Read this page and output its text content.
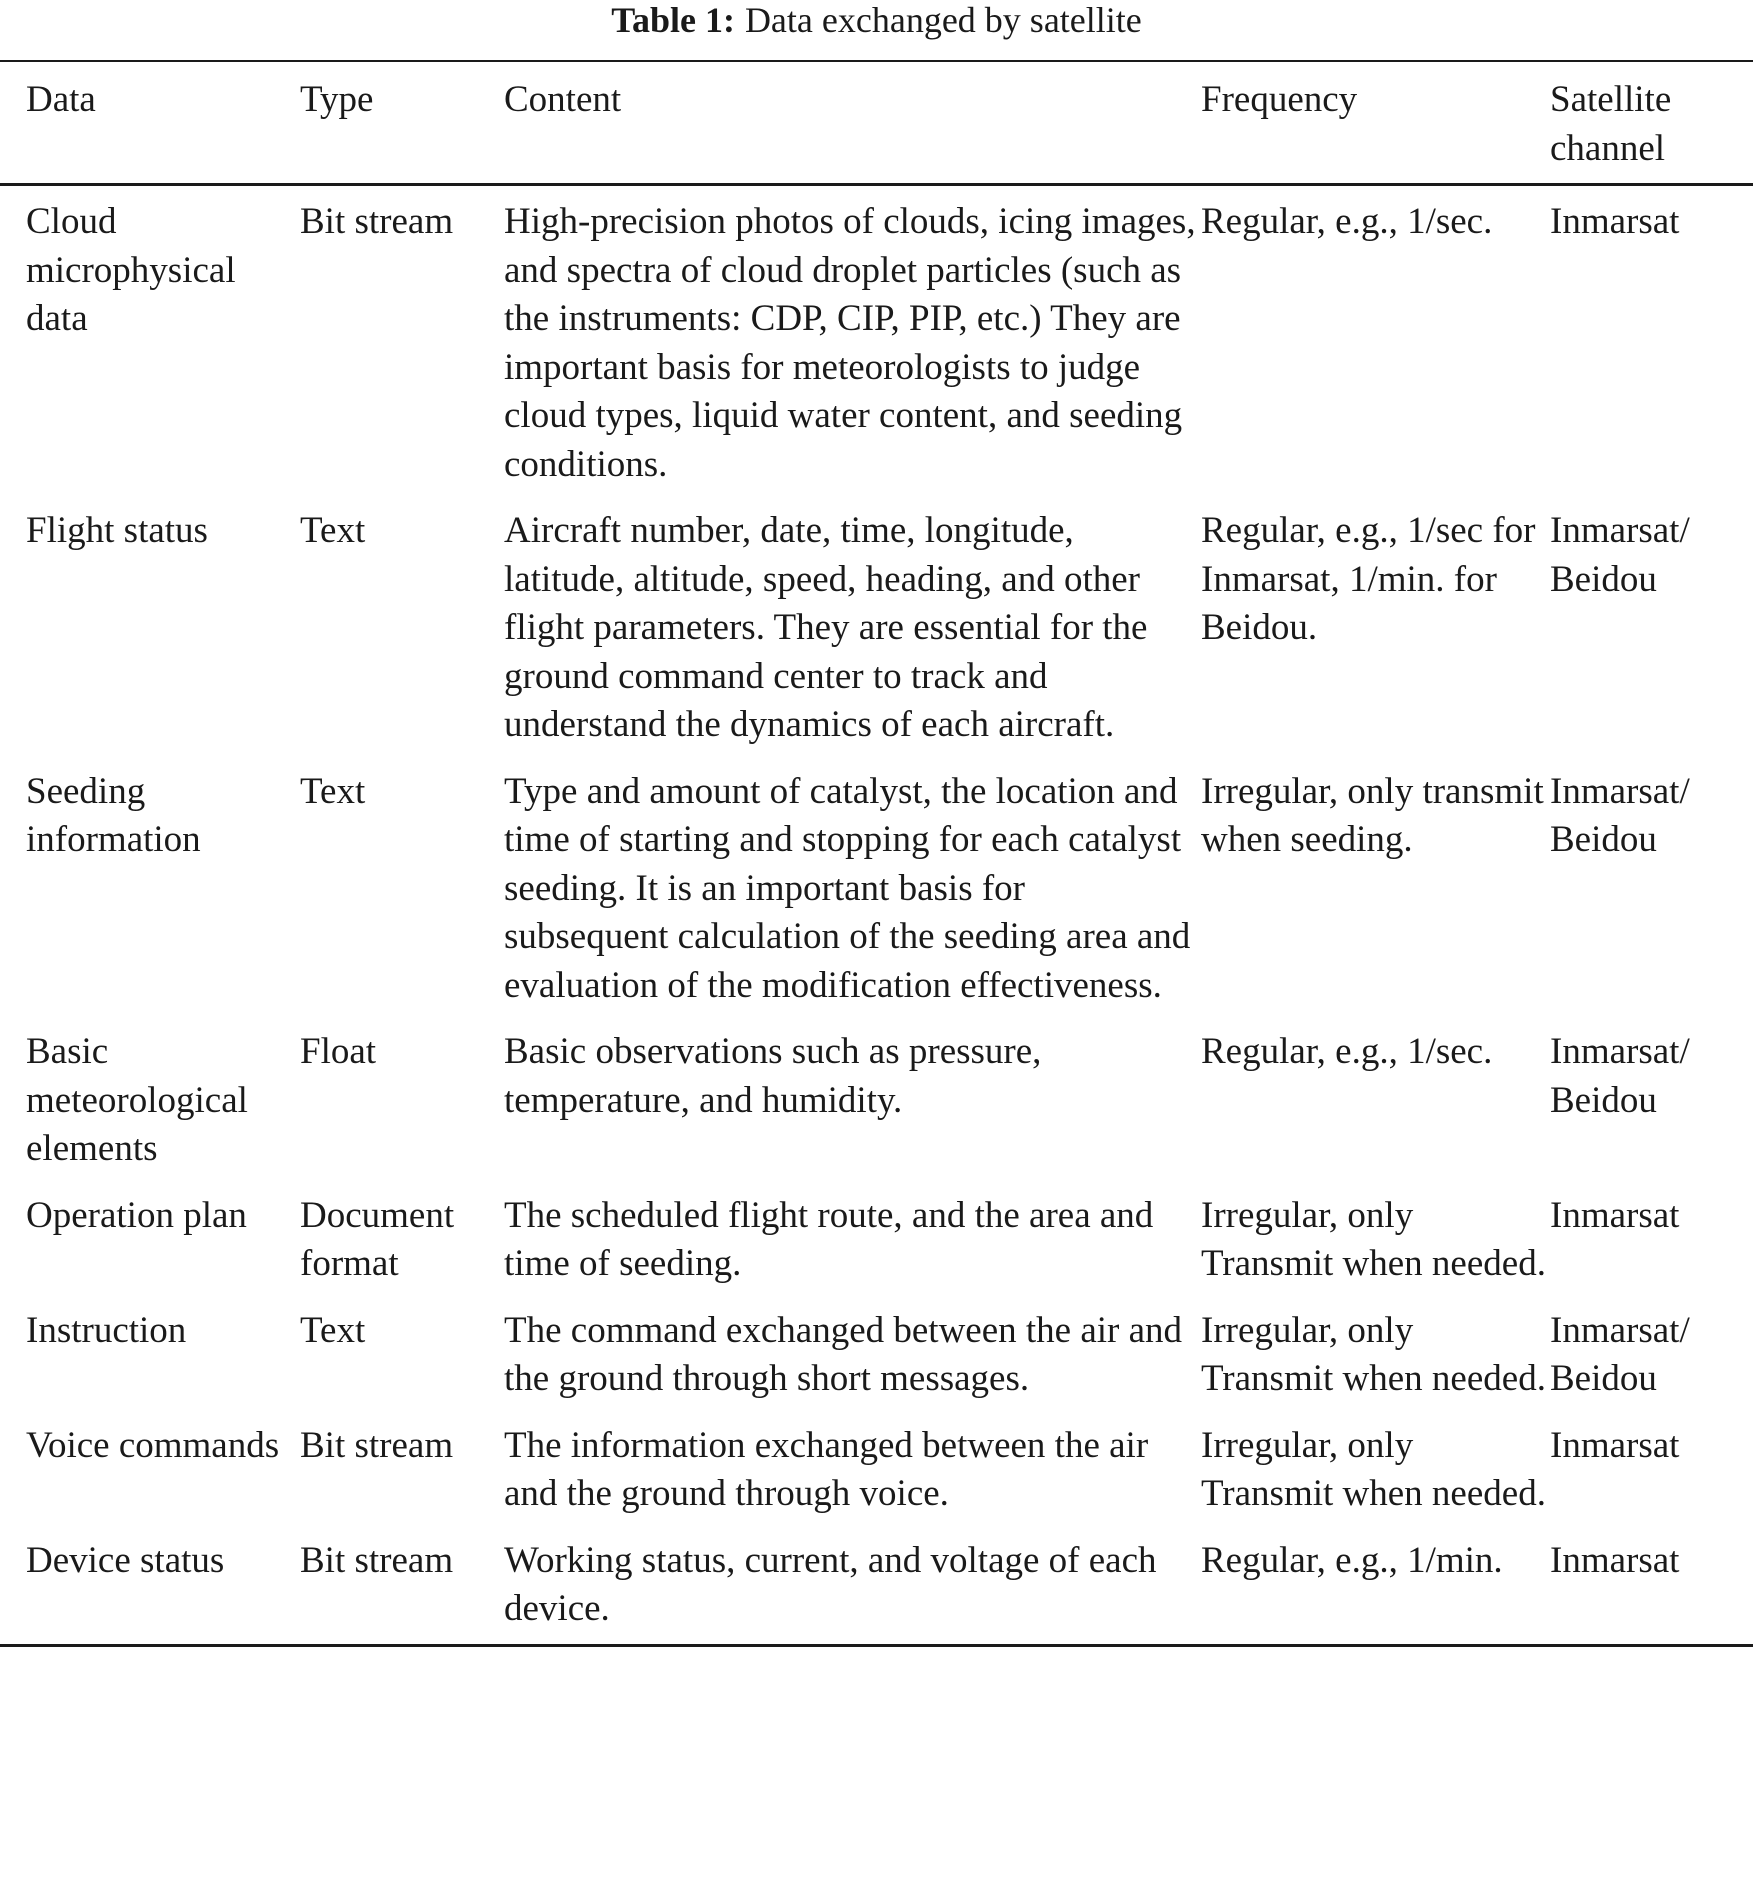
Table 1: Data exchanged by satellite
Data	Type	Content	Frequency	Satellite channel
Cloud microphysical data	Bit stream	High-precision photos of clouds, icing images, and spectra of cloud droplet particles (such as the instruments: CDP, CIP, PIP, etc.) They are important basis for meteorologists to judge cloud types, liquid water content, and seeding conditions.	Regular, e.g., 1/sec.	Inmarsat
Flight status	Text	Aircraft number, date, time, longitude, latitude, altitude, speed, heading, and other flight parameters. They are essential for the ground command center to track and understand the dynamics of each aircraft.	Regular, e.g., 1/sec for Inmarsat, 1/min. for Beidou.	Inmarsat/ Beidou
Seeding information	Text	Type and amount of catalyst, the location and time of starting and stopping for each catalyst seeding. It is an important basis for subsequent calculation of the seeding area and evaluation of the modification effectiveness.	Irregular, only transmit when seeding.	Inmarsat/ Beidou
Basic meteorological elements	Float	Basic observations such as pressure, temperature, and humidity.	Regular, e.g., 1/sec.	Inmarsat/ Beidou
Operation plan	Document format	The scheduled flight route, and the area and time of seeding.	Irregular, only Transmit when needed.	Inmarsat
Instruction	Text	The command exchanged between the air and the ground through short messages.	Irregular, only Transmit when needed.	Inmarsat/ Beidou
Voice commands	Bit stream	The information exchanged between the air and the ground through voice.	Irregular, only Transmit when needed.	Inmarsat
Device status	Bit stream	Working status, current, and voltage of each device.	Regular, e.g., 1/min.	Inmarsat
